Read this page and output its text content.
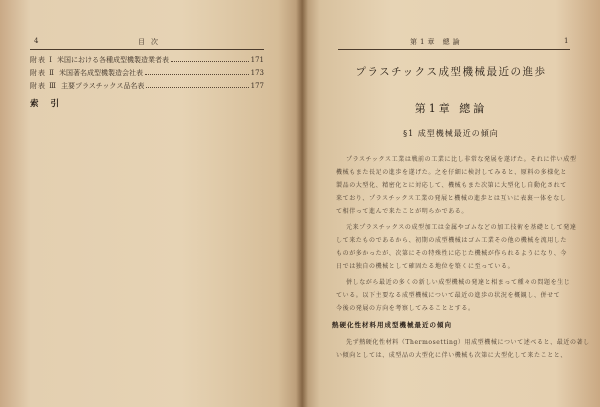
4	目次
附表 Ⅰ 米国における各種成型機製造業者表	171
附表 Ⅱ 米国著名成型機製造会社表	173
附表 Ⅲ 主要プラスチックス品名表	177
索引
第1章 總論	1
プラスチックス成型機械最近の進歩
第1章 總論
§1 成型機械最近の傾向
プラスチックス工業は戦前の工業に比し非常な発展を遂げた。それに伴い成型
機械もまた長足の進歩を遂げた。之を仔細に検討してみると、原料の多様化と
製品の大型化、精密化とに対応して、機械もまた次第に大型化し自動化されて
来ており、プラスチックス工業の発展と機械の進歩とは互いに表裏一体をなし
て相伴って進んで来たことが明らかである。
元来プラスチックスの成型加工は金属やゴムなどの加工技術を基礎として発達
して来たものであるから、初期の成型機械はゴム工業その他の機械を流用した
ものが多かったが、次第にその特殊性に応じた機械が作られるようになり、今
日では独自の機械として確固たる地位を築くに至っている。
併しながら最近の多くの新しい成型機械の発達と相まって種々の問題を生じ
ている。以下主要なる成型機械について最近の進歩の状況を概観し、併せて
今後の発展の方向を考察してみることとする。
熱硬化性材料用成型機械最近の傾向
先ず熱硬化性材料（Thermosetting）用成型機械について述べると、最近の著し
い傾向としては、成型品の大型化に伴い機械も次第に大型化して来たことと、
